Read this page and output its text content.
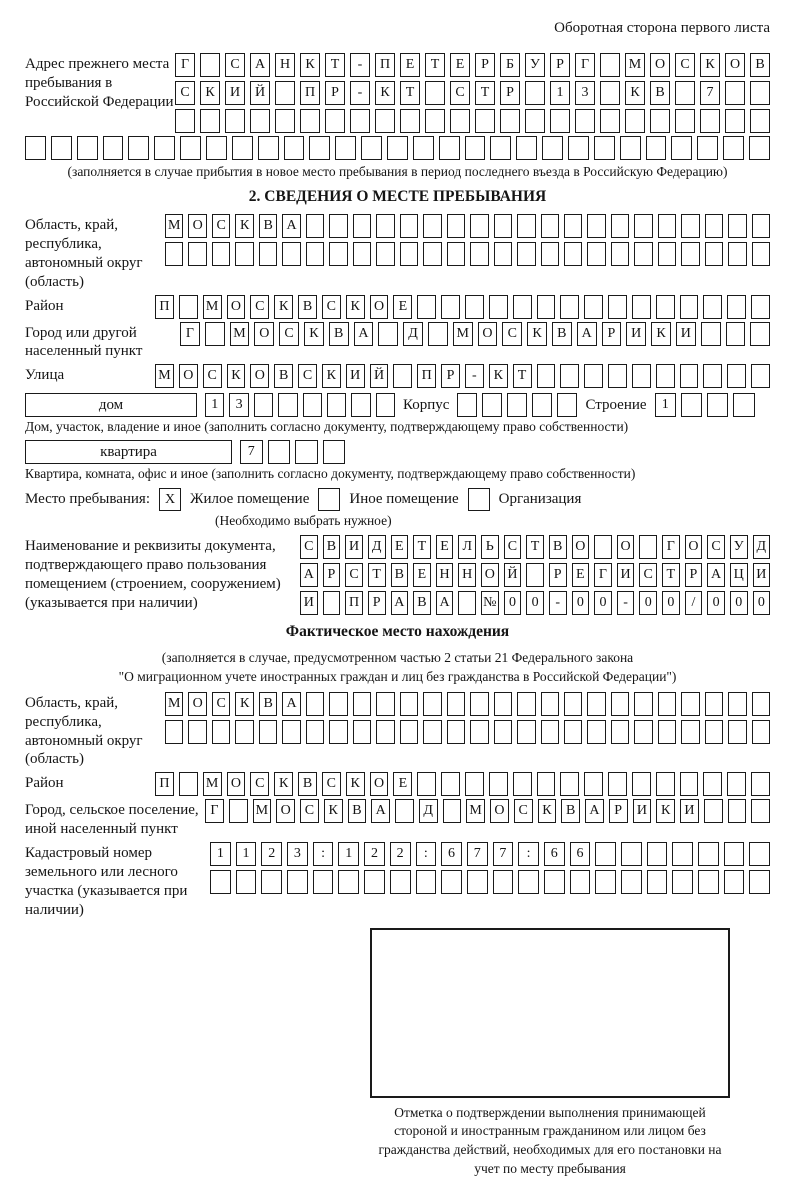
Оборотная сторона первого листа
Адрес прежнего места пребывания в Российской Федерации
Г	С	А	Н	К	Т	-	П	Е	Т	Е	Р	Б	У	Р	Г	М О	С	К	О	В
С	К	И	Й	П	Р	-	К	Т	С	Т	Р	1	3	К	В	7
(заполняется в случае прибытия в новое место пребывания в период последнего въезда в Российскую Федерацию)
2. СВЕДЕНИЯ О МЕСТЕ ПРЕБЫВАНИЯ
Область, край, республика, автономный округ (область)
М О С	К	В А
Район	П	М О	С	К	В	С	К	О	Е
Город или другой населенный пункт
Г	М О	С	К	В	А	Д	М О	С	К	В	А	Р	И	К	И
Улица	М О	С	К	О	В	С	К	И Й	П	Р	-	К	Т
дом	1	3	Корпус	Строение	1
Дом, участок, владение и иное (заполнить согласно документу, подтверждающему право собственности)
квартира	7
Квартира, комната, офис и иное (заполнить согласно документу, подтверждающему право собственности)
Место пребывания:	X Жилое помещение	Иное помещение	Организация
(Необходимо выбрать нужное)
Наименование и реквизиты документа, подтверждающего право пользования помещением (строением, сооружением) (указывается при наличии)
С В И Д Е	Т	Е Л Ь С Т В О	О	Г О С У Д
А Р	С Т В Е Н Н О Й	Р	Е	Г И С Т	Р А Ц И
И	П Р А В А № 0	0	-	0	0	-	0	0	/	0	0	0
Фактическое место нахождения
(заполняется в случае, предусмотренном частью 2 статьи 21 Федерального закона
"О миграционном учете иностранных граждан и лиц без гражданства в Российской Федерации")
Область, край, республика, автономный округ (область)
М О С	К	В А
Район	П	М О	С	К	В	С	К	О	Е
Город, сельское поселение, иной населенный пункт
Г	М О	С	К	В	А	Д	М О	С	К	В	А	Р	И	К	И
Кадастровый номер земельного или лесного участка (указывается при наличии)
1	1	2	3	:	1	2	2	:	6	7	7	:	6	6
Отметка о подтверждении выполнения принимающей стороной и иностранным гражданином или лицом без гражданства действий, необходимых для его постановки на учет по месту пребывания
